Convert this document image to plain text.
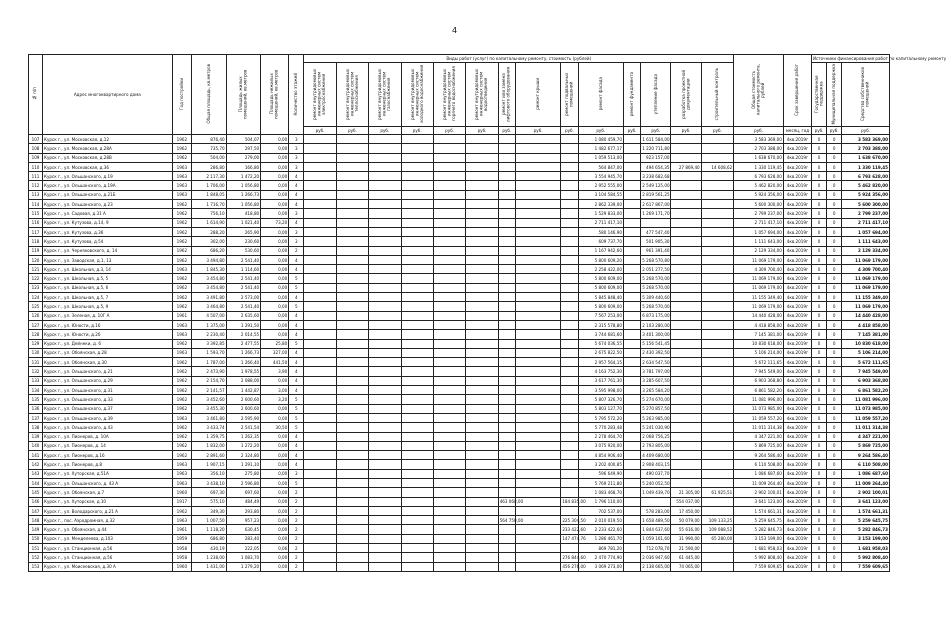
4
№ п/п	Адрес многоквартирного дома	Год постройки	Общая площадь, кв.метров	Площадь жилых помещений, кв.метров	Площадь нежилых помещений, кв.метров	Количество этажей	Виды работ (услуг) по капитальному ремонту, стоимость (рублей)														Общая стоимость капитального ремонта, рублей	Срок завершения работ	Источники финансирования работ по капитальному ремонту		
							ремонт внутридомовых инженерных систем электроснабжения	ремонт внутридомовых инженерных систем теплоснабжения	ремонт внутридомовых инженерных систем газоснабжения	ремонт внутридомовых инженерных систем холодного водоснабжения	ремонт внутридомовых инженерных систем горячего водоснабжения	ремонт внутридомовых инженерных систем водоотведения	ремонт или замена лифтового оборудования	ремонт крыши	ремонт подвальных помещений	ремонт фасада	ремонт фундамента	утепление фасада	разработка проектной документации	строительный контроль			Государственная поддержка	Муниципальная поддержка	Средства собственников помещений
							руб.	руб.	руб.	руб.	руб.	руб.	руб.	руб.	руб.	руб.	руб.	руб.	руб.	руб.	руб.	месяц, год	руб.	руб.	руб.
107	Курск г., ул. Московская, д.12	1962	876,40	504,07	0,00	3										1 080 459,70		1 611 584,00			3 583 369,00	4кв.2019г	0	0	3 583 369,00
108	Курск г., ул. Московская, д.28А	1962	735,70	297,50	0,00	3										1 482 677,17		1 220 711,80			2 703 388,00	4кв.2019г	0	0	2 703 388,00
109	Курск г., ул. Московская, д.28В	1962	504,00	279,00	0,00	3										1 059 513,00		923 157,00			1 638 670,00	4кв.2019г	0	0	1 638 670,00
110	Курск г., ул. Московская, д.36	1963	286,80	166,80	0,00	3										564 847,00		494 654,35	27 869,40	14 608,62	1 330 119,45	4кв.2019г	0	0	1 330 119,45
111	Курск г., ул. Ольшанского, д.19	1963	2 117,30	1 472,20	0,00	4										3 554 945,70		3 238 682,68			6 793 628,00	4кв.2019г	0	0	6 793 628,00
112	Курск г., ул. Ольшанского, д.19А	1963	1 706,00	1 056,80	0,00	4										2 952 555,00		2 549 125,00			5 462 820,00	4кв.2019г	0	0	5 462 820,00
113	Курск г., ул. Ольшанского, д.21Б	1963	1 848,05	1 266,73	0,00	4										3 104 584,55		2 819 561,25			5 924 356,00	4кв.2019г	0	0	5 924 356,00
114	Курск г., ул. Ольшанского, д.23	1962	1 716,70	1 056,80	0,00	4										2 862 339,00		2 617 867,00			5 600 300,00	4кв.2019г	0	0	5 600 300,00
115	Курск г., ул. Садовая, д.31 А	1962	756,10	418,80	0,00	3										1 529 833,00		1 269 171,70			2 799 237,00	4кв.2019г	0	0	2 799 237,00
116	Курск г., ул. Кутузова, д.14, 9	1962	1 614,90	1 021,40	73,20	4										2 711 417,10					2 711 417,10	4кв.2019г	0	0	2 711 417,10
117	Курск г., ул. Кутузова, д.36	1962	288,20	265,90	0,00	3										580 146,90		477 547,40			1 057 694,00	4кв.2019г	0	0	1 057 694,00
118	Курск г., ул. Кутузова, д.54	1962	302,00	230,60	0,00	3										609 737,70		501 905,30			1 111 643,00	4кв.2019г	0	0	1 111 643,00
119	Курск г., ул. Черняховского, д. 14	1962	686,20	530,60	0,00	2										1 167 942,60		961 391,40			2 129 334,00	4кв.2019г	0	0	2 129 334,00
120	Курск г., ул. Заводская, д.1, 13	1962	3 494,80	2 541,40	0,00	4										5 800 609,20		5 268 570,80			11 069 179,00	4кв.2019г	0	0	11 069 179,00
121	Курск г., ул. Школьная, д.3, 14	1963	1 845,30	1 114,60	0,00	4										2 258 422,00		2 051 277,50			4 309 700,40	4кв.2019г	0	0	4 309 700,40
122	Курск г., ул. Школьная, д.5, 5	1962	3 454,80	2 541,40	0,00	5										5 800 609,00		5 268 570,00			11 069 179,00	4кв.2019г	0	0	11 069 179,00
123	Курск г., ул. Школьная, д.5, 6	1962	3 454,80	2 541,40	0,00	5										5 800 609,00		5 268 570,00			11 069 179,00	4кв.2019г	0	0	11 069 179,00
124	Курск г., ул. Школьная, д.5, 7	1962	3 491,80	2 573,00	0,00	4										5 845 848,40		5 309 440,60			11 155 349,40	4кв.2019г	0	0	11 155 349,40
125	Курск г., ул. Школьная, д.5, 9	1962	3 464,80	2 541,40	0,00	5										5 800 609,00		5 268 570,00			11 069 179,00	4кв.2019г	0	0	11 069 179,00
126	Курск г., ул. Зеленая, д. 10Г А	1961	4 507,00	2 635,60	0,00	4										7 567 253,00		6 873 175,00			14 440 428,00	4кв.2019г	0	0	14 440 428,00
127	Курск г., ул. Юности, д.16	1963	1 375,00	1 291,50	0,00	4										2 315 578,80		2 103 280,00			4 418 858,00	4кв.2019г	0	0	4 418 858,00
128	Курск г., ул. Юности, д.20	1963	2 230,40	2 014,55	0,00	4										3 744 681,60		3 401 300,00			7 145 381,00	4кв.2019г	0	0	7 145 381,00
129	Курск г., ул. Дейнеки, д. 6	1962	3 392,85	2 477,55	25,80	5										5 674 036,55		5 156 541,45			10 830 618,00	4кв.2019г	0	0	10 830 618,00
130	Курск г., ул. Обоянская, д.28	1963	1 593,70	1 266,73	327,00	4										2 675 822,50		2 430 392,50			5 106 214,00	4кв.2019г	0	0	5 106 214,00
131	Курск г., ул. Обоянская, д.30	1962	1 787,00	1 266,40	441,50	4										2 957 564,15		2 634 547,50			5 672 111,65	4кв.2019г	0	0	5 672 111,65
132	Курск г., ул. Ольшанского, д.21	1962	2 473,90	1 978,55	3,90	4										4 163 752,30		3 781 797,00			7 945 549,00	4кв.2019г	0	0	7 945 549,00
133	Курск г., ул. Ольшанского, д.29	1962	2 154,70	2 088,00	0,00	4										3 617 761,30		3 285 607,50			6 903 368,80	4кв.2019г	0	0	6 903 368,80
134	Курск г., ул. Ольшанского, д.31	1962	2 141,57	1 442,87	3,00	4										3 595 998,00		3 265 584,20			6 861 582,20	4кв.2019г	0	0	6 861 582,20
135	Курск г., ул. Ольшанского, д.33	1962	3 452,60	2 600,60	3,20	5										5 807 326,70		5 274 670,00			11 081 996,00	4кв.2019г	0	0	11 081 996,00
136	Курск г., ул. Ольшанского, д.37	1962	3 455,30	2 600,60	0,00	5										5 803 127,70		5 270 857,50			11 073 985,00	4кв.2019г	0	0	11 073 985,00
137	Курск г., ул. Ольшанского, д.39	1963	3 461,80	2 595,90	0,00	5										5 795 572,20		5 263 985,00			11 059 557,20	4кв.2019г	0	0	11 059 557,20
138	Курск г., ул. Ольшанского, д.43	1962	3 433,74	2 541,54	30,50	5										5 770 283,48		5 241 030,90			11 011 314,38	4кв.2019г	0	0	11 011 314,38
139	Курск г., ул. Пионеров, д. 10А	1962	1 359,75	1 262,35	0,00	4										2 278 464,70		2 068 756,25			4 347 221,00	4кв.2019г	0	0	4 347 221,00
140	Курск г., ул. Пионеров, д. 14	1962	1 832,00	1 272,20	0,00	4										3 075 920,00		2 793 805,00			5 869 725,00	4кв.2019г	0	0	5 869 725,00
141	Курск г., ул. Пионеров, д.16	1962	2 891,60	2 324,80	0,00	4										4 854 906,40		4 409 680,00			9 264 586,40	4кв.2019г	0	0	9 264 586,40
142	Курск г., ул. Пионеров, д.8	1963	1 907,15	1 291,10	0,00	4										3 202 400,85		2 908 403,15			6 110 508,00	4кв.2019г	0	0	6 110 508,00
143	Курск г., ул. Хуторская, д.51А	1963	356,10	275,80	0,00	3										596 649,90		490 037,70			1 086 687,60	4кв.2019г	0	0	1 086 687,60
144	Курск г., ул. Ольшанского, д. 43 А	1963	3 438,10	2 596,80	0,00	5										5 769 211,80		5 240 052,50			11 009 264,40	4кв.2019г	0	0	11 009 264,40
145	Курск г., ул. Обоянская, д.7	1960	697,30	697,60	0,00	2										1 083 468,70		1 049 439,70	21 305,00	61 925,51	2 902 100,01	4кв.2019г	0	0	2 902 100,01
146	Курск г., ул. Хуторская, д.10	1917	575,10	484,49	0,00	2							463 068,00		184 835,00	1 796 110,00			554 037,00		3 641 123,00	4кв.2019г	0	0	3 641 123,00
147	Курск г., ул. Володарского, д.21 А	1962	349,30	293,80	0,00	2										702 537,00		578 283,00	17 450,00		1 574 661,31	4кв.2019г	0	0	1 574 661,31
148	Курск г., пос. Аэродромная, д.32	1963	1 007,50	957,23	0,00	2							564 750,00		225 304,50	2 010 019,50		1 658 489,50	50 079,00	109 133,25	5 259 645,75	4кв.2019г	0	0	5 259 645,75
149	Курск г., ул. Обоянская, д.44	1961	1 118,20	630,45	0,00	2									233 422,60	2 233 422,60		1 844 637,60	55 616,00	109 088,52	5 282 846,73	4кв.2019г	0	0	5 282 846,73
150	Курск г., ул. Менделеева, д.103	1959	686,80	283,40	0,00	2									147 474,76	1 286 461,70		1 059 161,60	31 990,00	65 280,00	3 153 199,00	4кв.2019г	0	0	3 153 199,00
151	Курск г., ул. Станционная, д.56	1958	430,19	222,05	0,06	2										869 781,20		712 078,70	21 590,00		1 681 958,03	4кв.2019г	0	0	1 681 958,03
152	Курск г., ул. Станционная, д.56	1958	1 238,00	1 083,70	0,00	2									276 844,60	2 470 774,90		2 036 947,60	61 445,00		5 992 808,40	4кв.2019г	0	0	5 992 808,40
153	Курск г., ул. Моисеевская, д.30 А	1960	1 431,00	1 279,20	0,00	2									456 276,00	3 069 273,00		2 138 665,00	74 065,00		7 559 609,65	4кв.2019г	0	0	7 559 609,65
